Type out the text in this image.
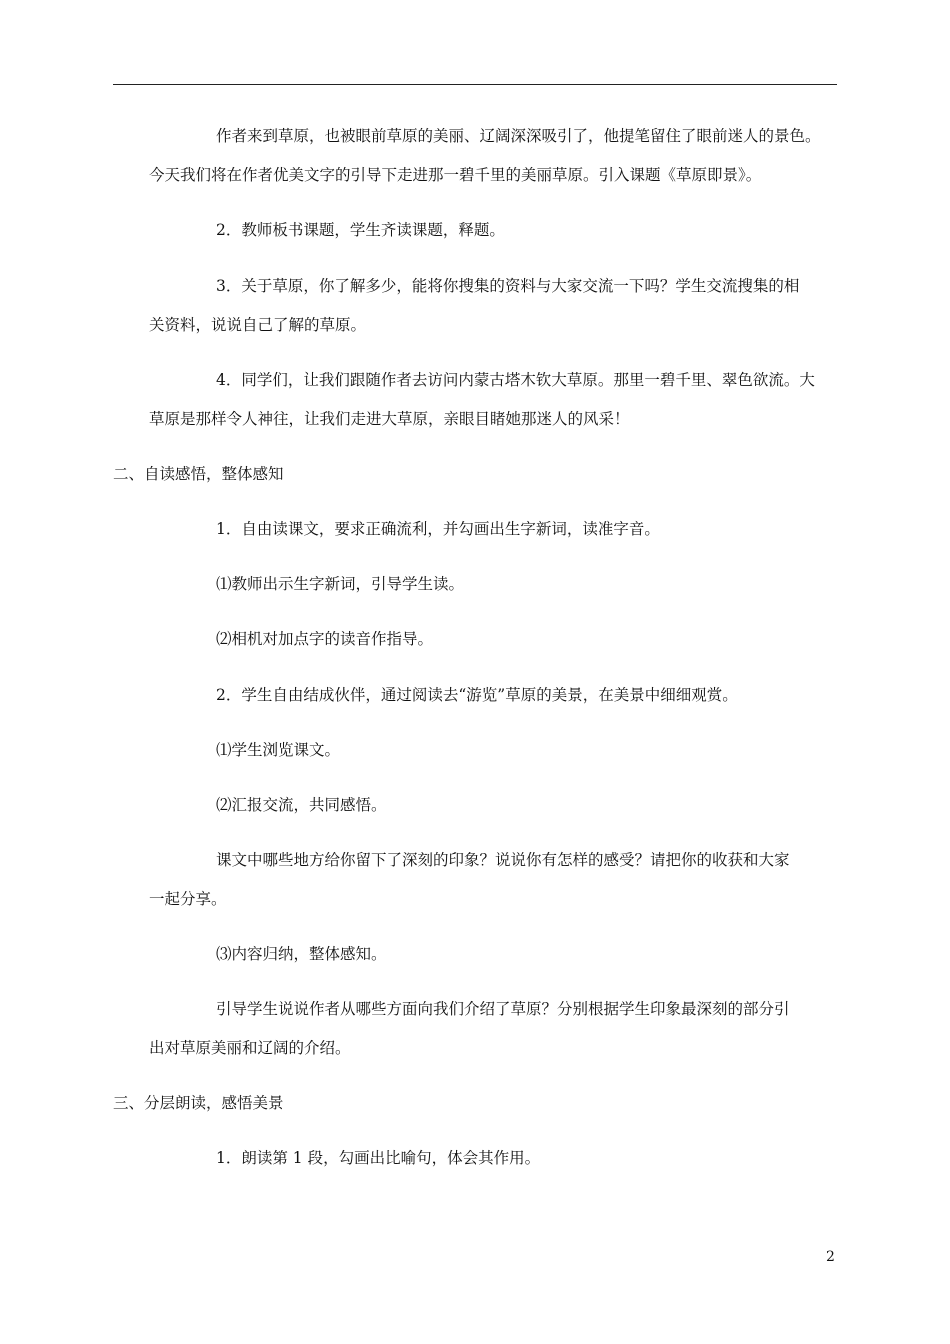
作者来到草原，也被眼前草原的美丽、辽阔深深吸引了，他提笔留住了眼前迷人的景色。
今天我们将在作者优美文字的引导下走进那一碧千里的美丽草原。引入课题《草原即景》。
2．教师板书课题，学生齐读课题，释题。
3．关于草原，你了解多少，能将你搜集的资料与大家交流一下吗？学生交流搜集的相
关资料，说说自己了解的草原。
4．同学们，让我们跟随作者去访问内蒙古塔木钦大草原。那里一碧千里、翠色欲流。大
草原是那样令人神往，让我们走进大草原，亲眼目睹她那迷人的风采！
二、自读感悟，整体感知
1．自由读课文，要求正确流利，并勾画出生字新词，读准字音。
⑴教师出示生字新词，引导学生读。
⑵相机对加点字的读音作指导。
2．学生自由结成伙伴，通过阅读去“游览”草原的美景，在美景中细细观赏。
⑴学生浏览课文。
⑵汇报交流，共同感悟。
课文中哪些地方给你留下了深刻的印象？说说你有怎样的感受？请把你的收获和大家
一起分享。
⑶内容归纳，整体感知。
引导学生说说作者从哪些方面向我们介绍了草原？分别根据学生印象最深刻的部分引
出对草原美丽和辽阔的介绍。
三、分层朗读，感悟美景
1．朗读第 1 段，勾画出比喻句，体会其作用。
2
